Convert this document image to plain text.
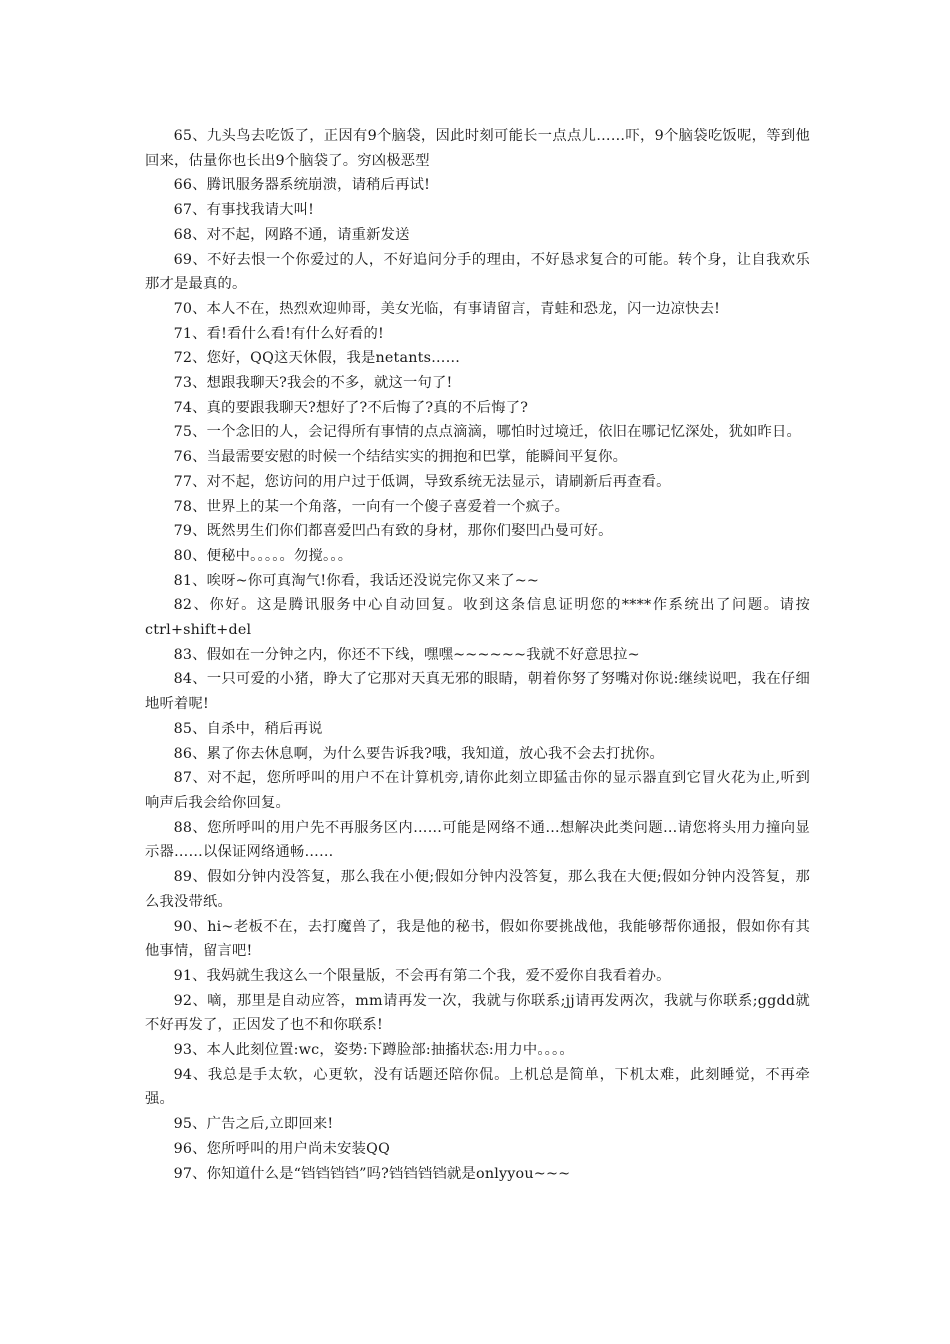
65、九头鸟去吃饭了，正因有9个脑袋，因此时刻可能长一点点儿……吓，9个脑袋吃饭呢，等到他回来，估量你也长出9个脑袋了。穷凶极恶型

66、腾讯服务器系统崩溃，请稍后再试!

67、有事找我请大叫!

68、对不起，网路不通，请重新发送

69、不好去恨一个你爱过的人，不好追问分手的理由，不好恳求复合的可能。转个身，让自我欢乐那才是最真的。

70、本人不在，热烈欢迎帅哥，美女光临，有事请留言，青蛙和恐龙，闪一边凉快去!

71、看!看什么看!有什么好看的!

72、您好，QQ这天休假，我是netants……

73、想跟我聊天?我会的不多，就这一句了!

74、真的要跟我聊天?想好了?不后悔了?真的不后悔了?

75、一个念旧的人，会记得所有事情的点点滴滴，哪怕时过境迁，依旧在哪记忆深处，犹如昨日。

76、当最需要安慰的时候一个结结实实的拥抱和巴掌，能瞬间平复你。

77、对不起，您访问的用户过于低调，导致系统无法显示，请刷新后再查看。

78、世界上的某一个角落，一向有一个傻子喜爱着一个疯子。

79、既然男生们你们都喜爱凹凸有致的身材，那你们娶凹凸曼可好。

80、便秘中。。。。。勿搅。。。

81、唉呀~你可真淘气!你看，我话还没说完你又来了~~

82、你好。这是腾讯服务中心自动回复。收到这条信息证明您的****作系统出了问题。请按ctrl+shift+del

83、假如在一分钟之内，你还不下线，嘿嘿~~~~~~我就不好意思拉~

84、一只可爱的小猪，睁大了它那对天真无邪的眼睛，朝着你努了努嘴对你说:继续说吧，我在仔细地听着呢!

85、自杀中，稍后再说

86、累了你去休息啊，为什么要告诉我?哦，我知道，放心我不会去打扰你。

87、对不起，您所呼叫的用户不在计算机旁,请你此刻立即猛击你的显示器直到它冒火花为止,听到响声后我会给你回复。

88、您所呼叫的用户先不再服务区内……可能是网络不通…想解决此类问题…请您将头用力撞向显示器……以保证网络通畅……

89、假如分钟内没答复，那么我在小便;假如分钟内没答复，那么我在大便;假如分钟内没答复，那么我没带纸。

90、hi~老板不在，去打魔兽了，我是他的秘书，假如你要挑战他，我能够帮你通报，假如你有其他事情，留言吧!

91、我妈就生我这么一个限量版，不会再有第二个我，爱不爱你自我看着办。

92、嘀，那里是自动应答，mm请再发一次，我就与你联系;jj请再发两次，我就与你联系;ggdd就不好再发了，正因发了也不和你联系!

93、本人此刻位置:wc，姿势:下蹲脸部:抽搐状态:用力中。。。。

94、我总是手太软，心更软，没有话题还陪你侃。上机总是简单，下机太难，此刻睡觉，不再牵强。

95、广告之后,立即回来!

96、您所呼叫的用户尚未安装QQ

97、你知道什么是“铛铛铛铛”吗?铛铛铛铛就是onlyyou~~~
